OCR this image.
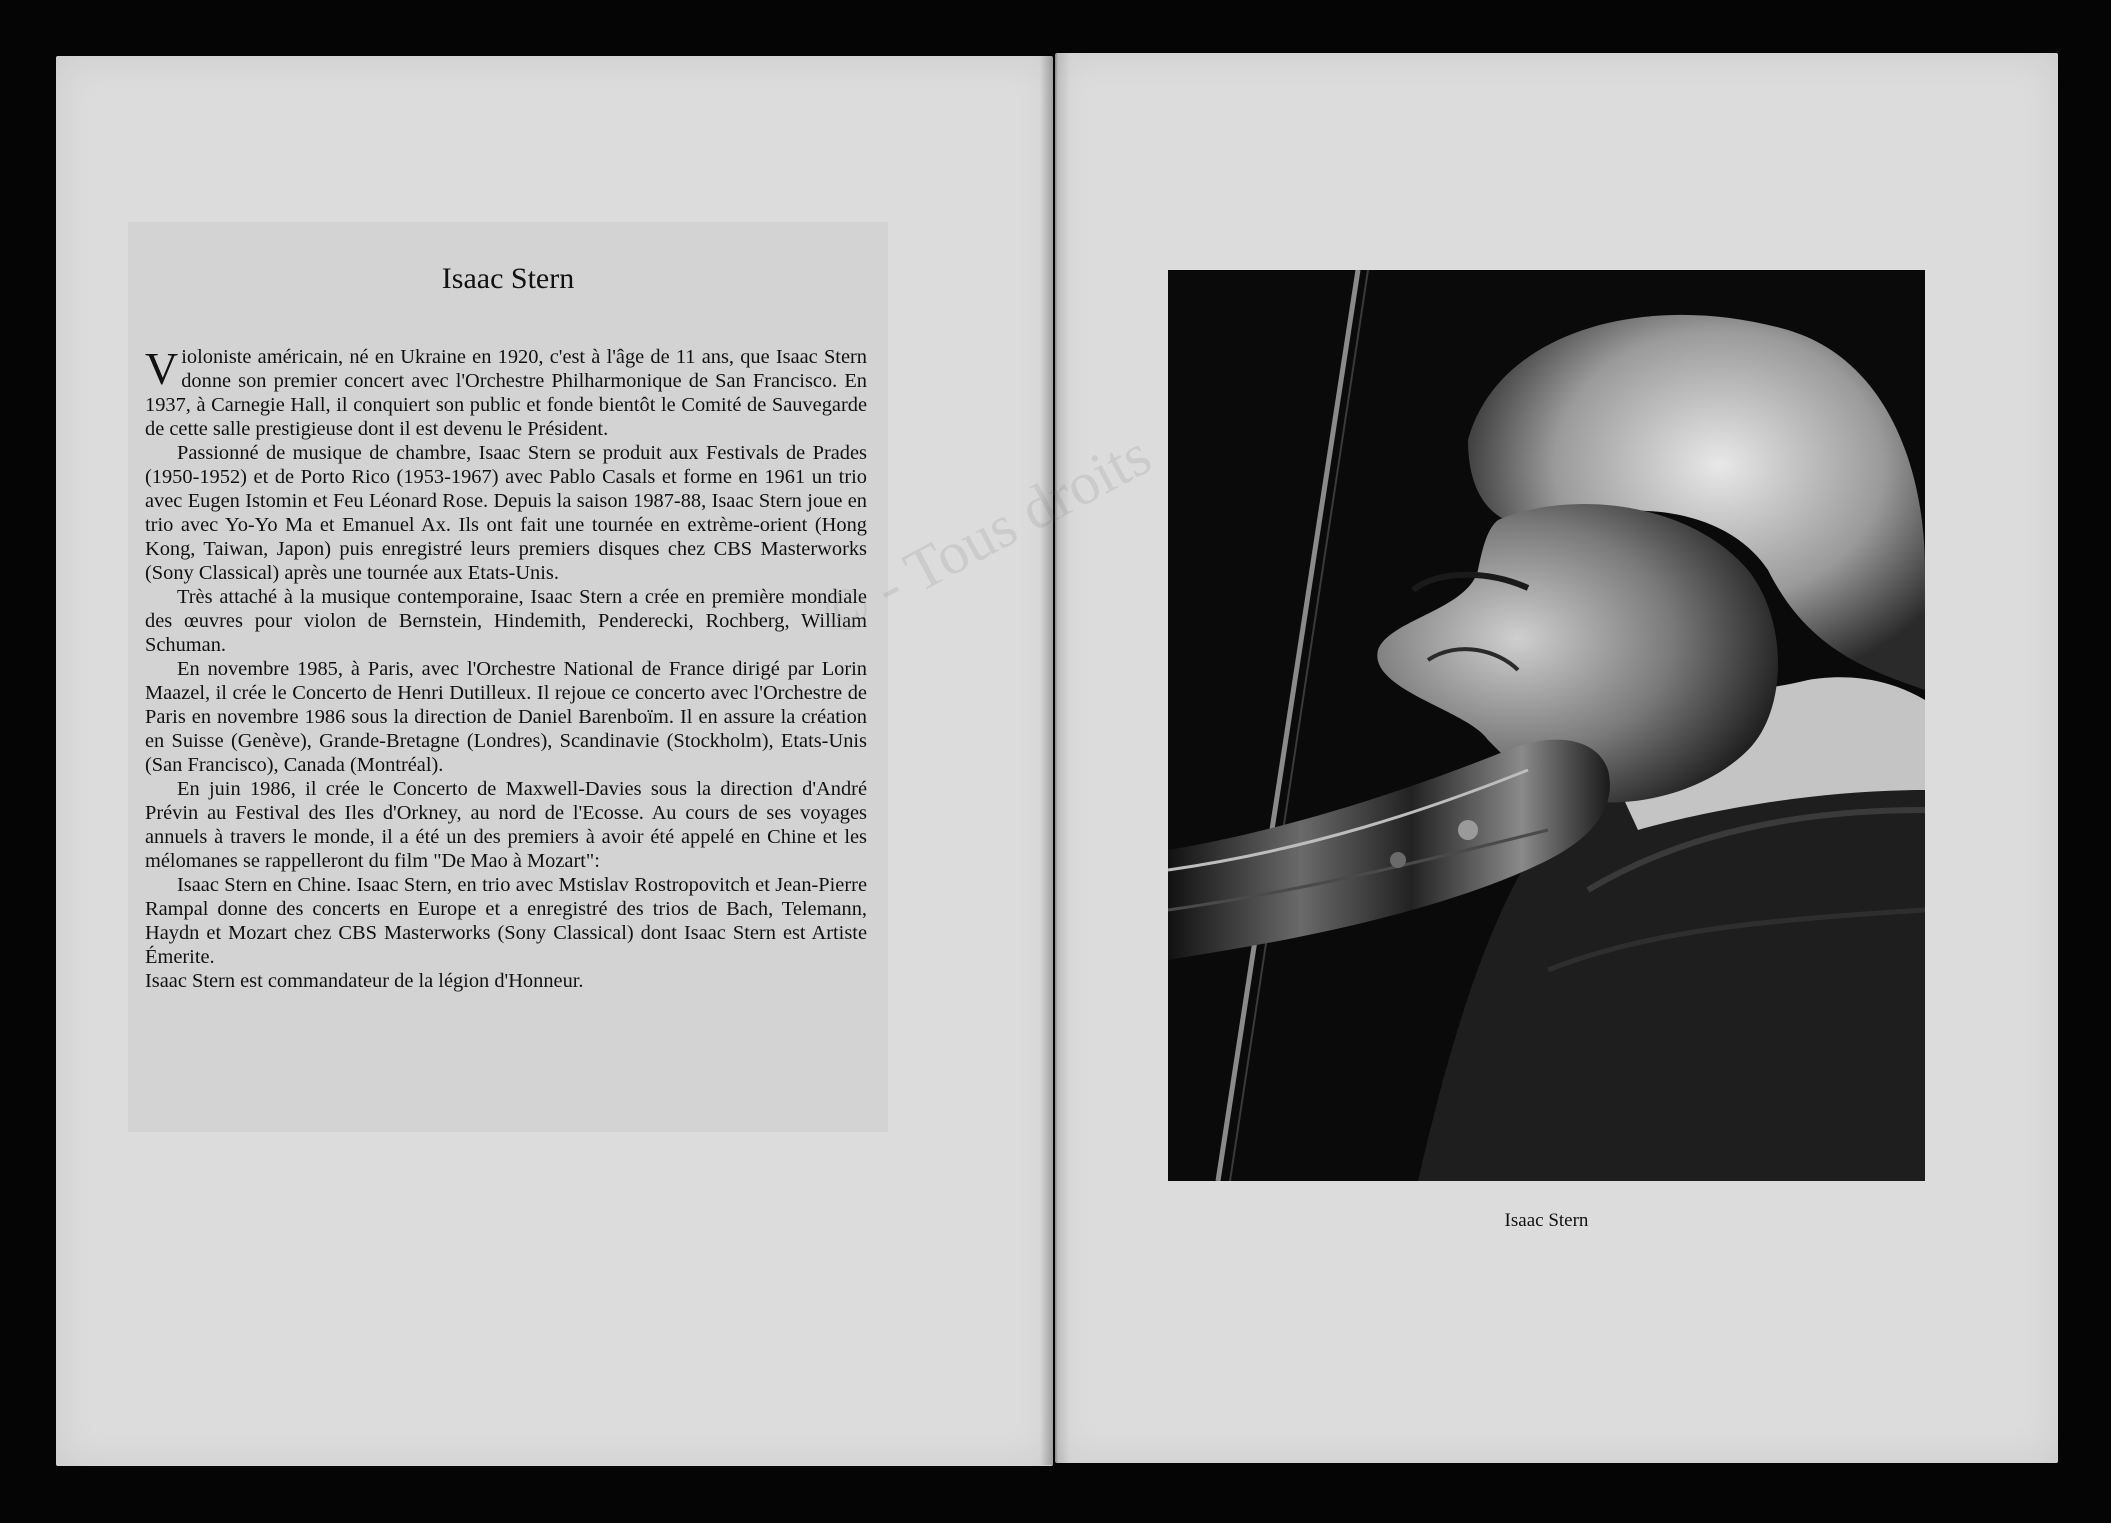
Isaac Stern

Violoniste américain, né en Ukraine en 1920, c'est à l'âge de 11 ans, que Isaac Stern donne son premier concert avec l'Orchestre Philharmonique de San Francisco. En 1937, à Carnegie Hall, il conquiert son public et fonde bientôt le Comité de Sauvegarde de cette salle prestigieuse dont il est devenu le Président.

Passionné de musique de chambre, Isaac Stern se produit aux Festivals de Prades (1950-1952) et de Porto Rico (1953-1967) avec Pablo Casals et forme en 1961 un trio avec Eugen Istomin et Feu Léonard Rose. Depuis la saison 1987-88, Isaac Stern joue en trio avec Yo-Yo Ma et Emanuel Ax. Ils ont fait une tournée en extrème-orient (Hong Kong, Taiwan, Japon) puis enregistré leurs premiers disques chez CBS Masterworks (Sony Classical) après une tournée aux Etats-Unis.

Très attaché à la musique contemporaine, Isaac Stern a crée en première mondiale des œuvres pour violon de Bernstein, Hindemith, Penderecki, Rochberg, William Schuman.

En novembre 1985, à Paris, avec l'Orchestre National de France dirigé par Lorin Maazel, il crée le Concerto de Henri Dutilleux. Il rejoue ce concerto avec l'Orchestre de Paris en novembre 1986 sous la direction de Daniel Barenboïm. Il en assure la création en Suisse (Genève), Grande-Bretagne (Londres), Scandinavie (Stockholm), Etats-Unis (San Francisco), Canada (Montréal).

En juin 1986, il crée le Concerto de Maxwell-Davies sous la direction d'André Prévin au Festival des Iles d'Orkney, au nord de l'Ecosse. Au cours de ses voyages annuels à travers le monde, il a été un des premiers à avoir été appelé en Chine et les mélomanes se rappelleront du film "De Mao à Mozart":

Isaac Stern en Chine. Isaac Stern, en trio avec Mstislav Rostropovitch et Jean-Pierre Rampal donne des concerts en Europe et a enregistré des trios de Bach, Telemann, Haydn et Mozart chez CBS Masterworks (Sony Classical) dont Isaac Stern est Artiste Émerite.

Isaac Stern est commandateur de la légion d'Honneur.

Isaac Stern
